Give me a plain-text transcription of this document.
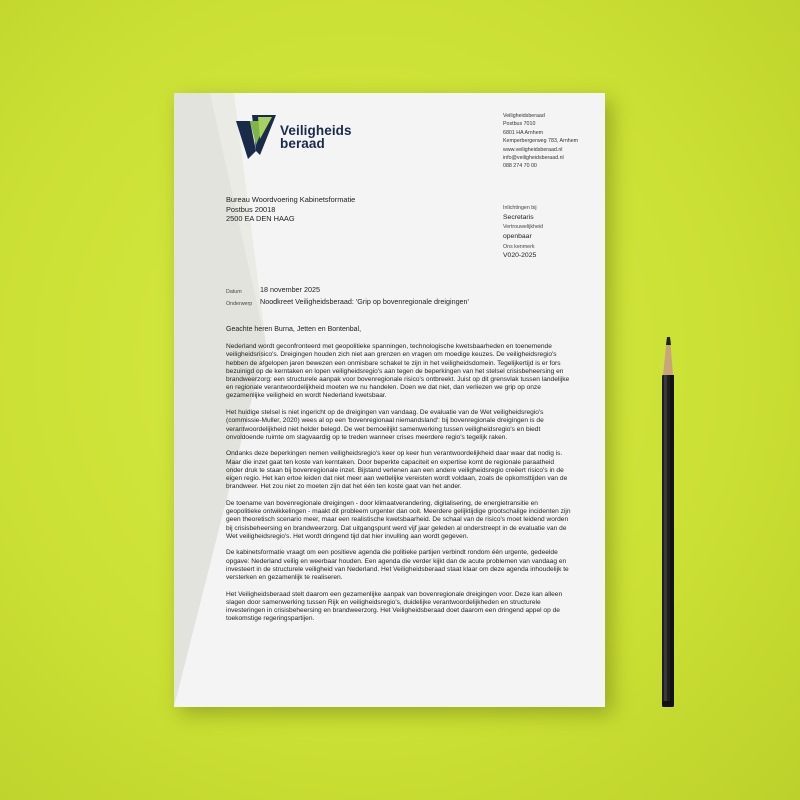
Veiligheids
beraad
Veiligheidsberaad
Postbus 7010
6801 HA Arnhem
Kemperbergerweg 783, Arnhem
www.veiligheidsberaad.nl
info@veiligheidsberaad.nl
088 274 70 00
Bureau Woordvoering Kabinetsformatie
Postbus 20018
2500 EA DEN HAAG
Inlichtingen bij
Secretaris
Vertrouwelijkheid
openbaar
Ons kenmerk
V020-2025
Datum	18 november 2025
Onderwerp	Noodkreet Veiligheidsberaad: 'Grip op bovenregionale dreigingen'

Geachte heren Burna, Jetten en Bontenbal,

Nederland wordt geconfronteerd met geopolitieke spanningen, technologische kwetsbaarheden en toenemende veiligheidsrisico's. Dreigingen houden zich niet aan grenzen en vragen om moedige keuzes. De veiligheidsregio's hebben de afgelopen jaren bewezen een onmisbare schakel te zijn in het veiligheidsdomein. Tegelijkertijd is er fors bezuinigd op de kerntaken en lopen veiligheidsregio's aan tegen de beperkingen van het stelsel crisisbeheersing en brandweerzorg: een structurele aanpak voor bovenregionale risico's ontbreekt. Juist op dit grensvlak tussen landelijke en regionale verantwoordelijkheid moeten we nu handelen. Doen we dat niet, dan verliezen we grip op onze gezamenlijke veiligheid en wordt Nederland kwetsbaar.

Het huidige stelsel is niet ingericht op de dreigingen van vandaag. De evaluatie van de Wet veiligheidsregio's (commissie-Muller, 2020) wees al op een 'bovenregionaal niemandsland': bij bovenregionale dreigingen is de verantwoordelijkheid niet helder belegd. De wet bemoeilijkt samenwerking tussen veiligheidsregio's en biedt onvoldoende ruimte om slagvaardig op te treden wanneer crises meerdere regio's tegelijk raken.

Ondanks deze beperkingen nemen veiligheidsregio's keer op keer hun verantwoordelijkheid daar waar dat nodig is. Maar die inzet gaat ten koste van kerntaken. Door beperkte capaciteit en expertise komt de regionale paraatheid onder druk te staan bij bovenregionale inzet. Bijstand verlenen aan een andere veiligheidsregio creëert risico's in de eigen regio. Het kan ertoe leiden dat niet meer aan wettelijke vereisten wordt voldaan, zoals de opkomsttijden van de brandweer. Het zou niet zo moeten zijn dat het één ten koste gaat van het ander.

De toename van bovenregionale dreigingen - door klimaatverandering, digitalisering, de energietransitie en geopolitieke ontwikkelingen - maakt dit probleem urgenter dan ooit. Meerdere gelijktijdige grootschalige incidenten zijn geen theoretisch scenario meer, maar een realistische kwetsbaarheid. De schaal van de risico's moet leidend worden bij crisisbeheersing en brandweerzorg. Dat uitgangspunt werd vijf jaar geleden al onderstreept in de evaluatie van de Wet veiligheidsregio's. Het wordt dringend tijd dat hier invulling aan wordt gegeven.

De kabinetsformatie vraagt om een positieve agenda die politieke partijen verbindt rondom één urgente, gedeelde opgave: Nederland veilig en weerbaar houden. Een agenda die verder kijkt dan de acute problemen van vandaag en investeert in de structurele veiligheid van Nederland. Het Veiligheidsberaad staat klaar om deze agenda inhoudelijk te versterken en gezamenlijk te realiseren.

Het Veiligheidsberaad stelt daarom een gezamenlijke aanpak van bovenregionale dreigingen voor. Deze kan alleen slagen door samenwerking tussen Rijk en veiligheidsregio's, duidelijke verantwoordelijkheden en structurele investeringen in crisisbeheersing en brandweerzorg. Het Veiligheidsberaad doet daarom een dringend appel op de toekomstige regeringspartijen.
